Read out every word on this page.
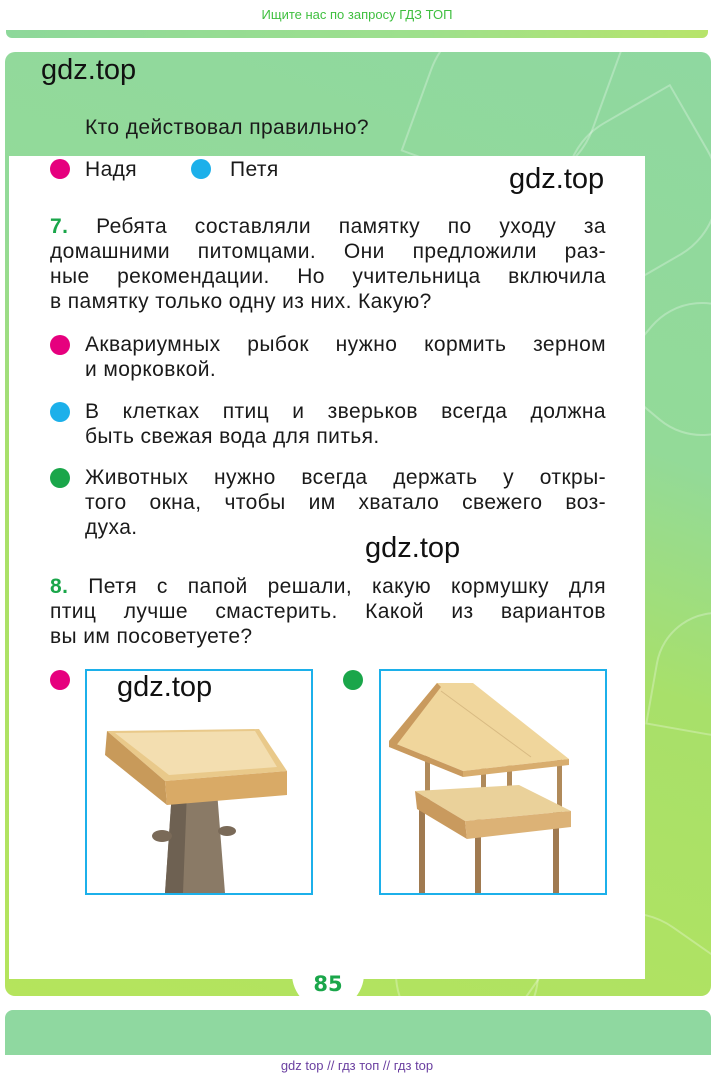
Ищите нас по запросу ГДЗ ТОП
gdz.top
Кто действовал правильно?
Надя	Петя	gdz.top
7. Ребята составляли памятку по уходу за
домашними питомцами. Они предложили раз-
ные рекомендации. Но учительница включила
в памятку только одну из них. Какую?
Аквариумных рыбок нужно кормить зерном
и морковкой.
В клетках птиц и зверьков всегда должна
быть свежая вода для питья.
Животных нужно всегда держать у откры-
того окна, чтобы им хватало свежего воз-
духа.
gdz.top
8. Петя с папой решали, какую кормушку для
птиц лучше смастерить. Какой из вариантов
вы им посоветуете?
gdz.top
85
gdz top // гдз топ // гдз top
